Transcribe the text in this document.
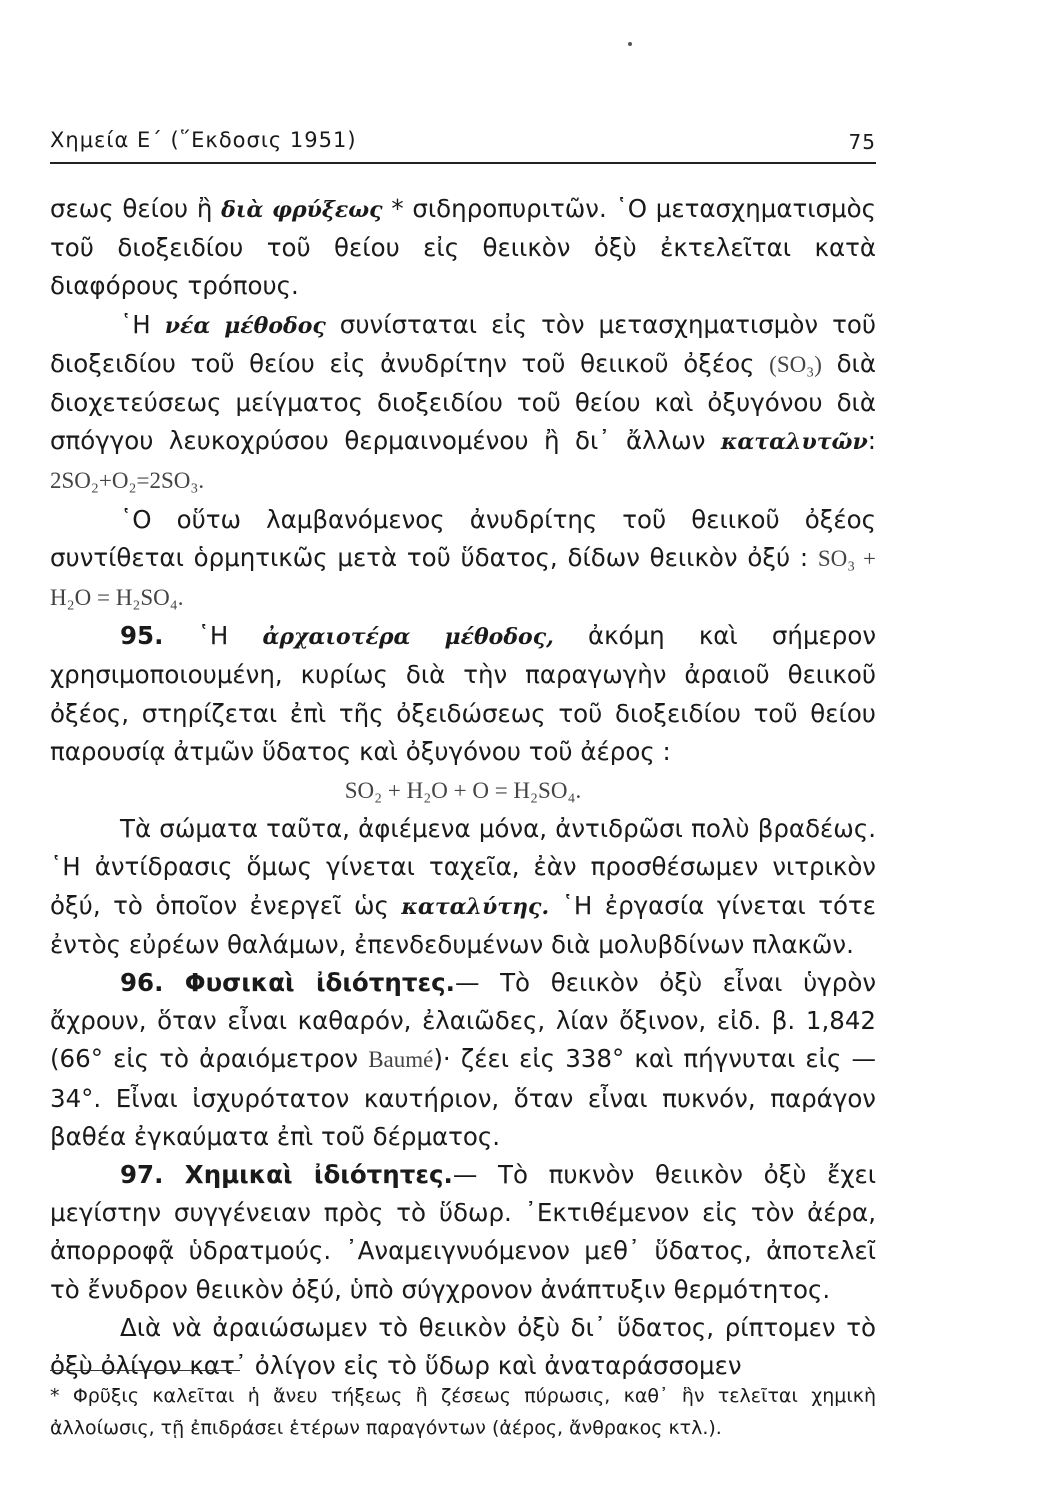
Χημεία Ε΄ (῞Εκδοσις 1951)	75

σεως θείου ἢ διὰ φρύξεως * σιδηροπυριτῶν. ῾Ο μετασχηματισμὸς τοῦ διοξειδίου τοῦ θείου εἰς θειικὸν ὀξὺ ἐκτελεῖται κατὰ διαφόρους τρόπους.

῾Η νέα μέθοδος συνίσταται εἰς τὸν μετασχηματισμὸν τοῦ διοξειδίου τοῦ θείου εἰς ἀνυδρίτην τοῦ θειικοῦ ὀξέος (SO₃) διὰ διοχετεύσεως μείγματος διοξειδίου τοῦ θείου καὶ ὀξυγόνου διὰ σπόγγου λευκοχρύσου θερμαινομένου ἢ δι᾿ ἄλλων καταλυτῶν: 2SO₂+O₂=2SO₃.

῾Ο οὕτω λαμβανόμενος ἀνυδρίτης τοῦ θειικοῦ ὀξέος συντίθεται ὁρμητικῶς μετὰ τοῦ ὕδατος, δίδων θειικὸν ὀξύ : SO₃ + H₂O = H₂SO₄.

95. ῾Η ἀρχαιοτέρα μέθοδος, ἀκόμη καὶ σήμερον χρησιμοποιουμένη, κυρίως διὰ τὴν παραγωγὴν ἀραιοῦ θειικοῦ ὀξέος, στηρίζεται ἐπὶ τῆς ὀξειδώσεως τοῦ διοξειδίου τοῦ θείου παρουσίᾳ ἀτμῶν ὕδατος καὶ ὀξυγόνου τοῦ ἀέρος :

SO₂ + H₂O + O = H₂SO₄.

Τὰ σώματα ταῦτα, ἀφιέμενα μόνα, ἀντιδρῶσι πολὺ βραδέως. ῾Η ἀντίδρασις ὅμως γίνεται ταχεῖα, ἐὰν προσθέσωμεν νιτρικὸν ὀξύ, τὸ ὁποῖον ἐνεργεῖ ὡς καταλύτης. ῾Η ἐργασία γίνεται τότε ἐντὸς εὐρέων θαλάμων, ἐπενδεδυμένων διὰ μολυβδίνων πλακῶν.

96. Φυσικαὶ ἰδιότητες.— Τὸ θειικὸν ὀξὺ εἶναι ὑγρὸν ἄχρουν, ὅταν εἶναι καθαρόν, ἐλαιῶδες, λίαν ὄξινον, εἰδ. β. 1,842 (66° εἰς τὸ ἀραιόμετρον Baumé)· ζέει εἰς 338° καὶ πήγνυται εἰς —34°. Εἶναι ἰσχυρότατον καυτήριον, ὅταν εἶναι πυκνόν, παράγον βαθέα ἐγκαύματα ἐπὶ τοῦ δέρματος.

97. Χημικαὶ ἰδιότητες.— Τὸ πυκνὸν θειικὸν ὀξὺ ἔχει μεγίστην συγγένειαν πρὸς τὸ ὕδωρ. ᾿Εκτιθέμενον εἰς τὸν ἀέρα, ἀπορροφᾷ ὑδρατμούς. ᾿Αναμειγνυόμενον μεθ᾿ ὕδατος, ἀποτελεῖ τὸ ἔνυδρον θειικὸν ὀξύ, ὑπὸ σύγχρονον ἀνάπτυξιν θερμότητος.

Διὰ νὰ ἀραιώσωμεν τὸ θειικὸν ὀξὺ δι᾿ ὕδατος, ρίπτομεν τὸ ὀξὺ ὀλίγον κατ᾿ ὀλίγον εἰς τὸ ὕδωρ καὶ ἀναταράσσομεν

* Φρῦξις καλεῖται ἡ ἄνευ τήξεως ἢ ζέσεως πύρωσις, καθ᾿ ἣν τελεῖται χημικὴ ἀλλοίωσις, τῇ ἐπιδράσει ἑτέρων παραγόντων (ἀέρος, ἄνθρακος κτλ.).
